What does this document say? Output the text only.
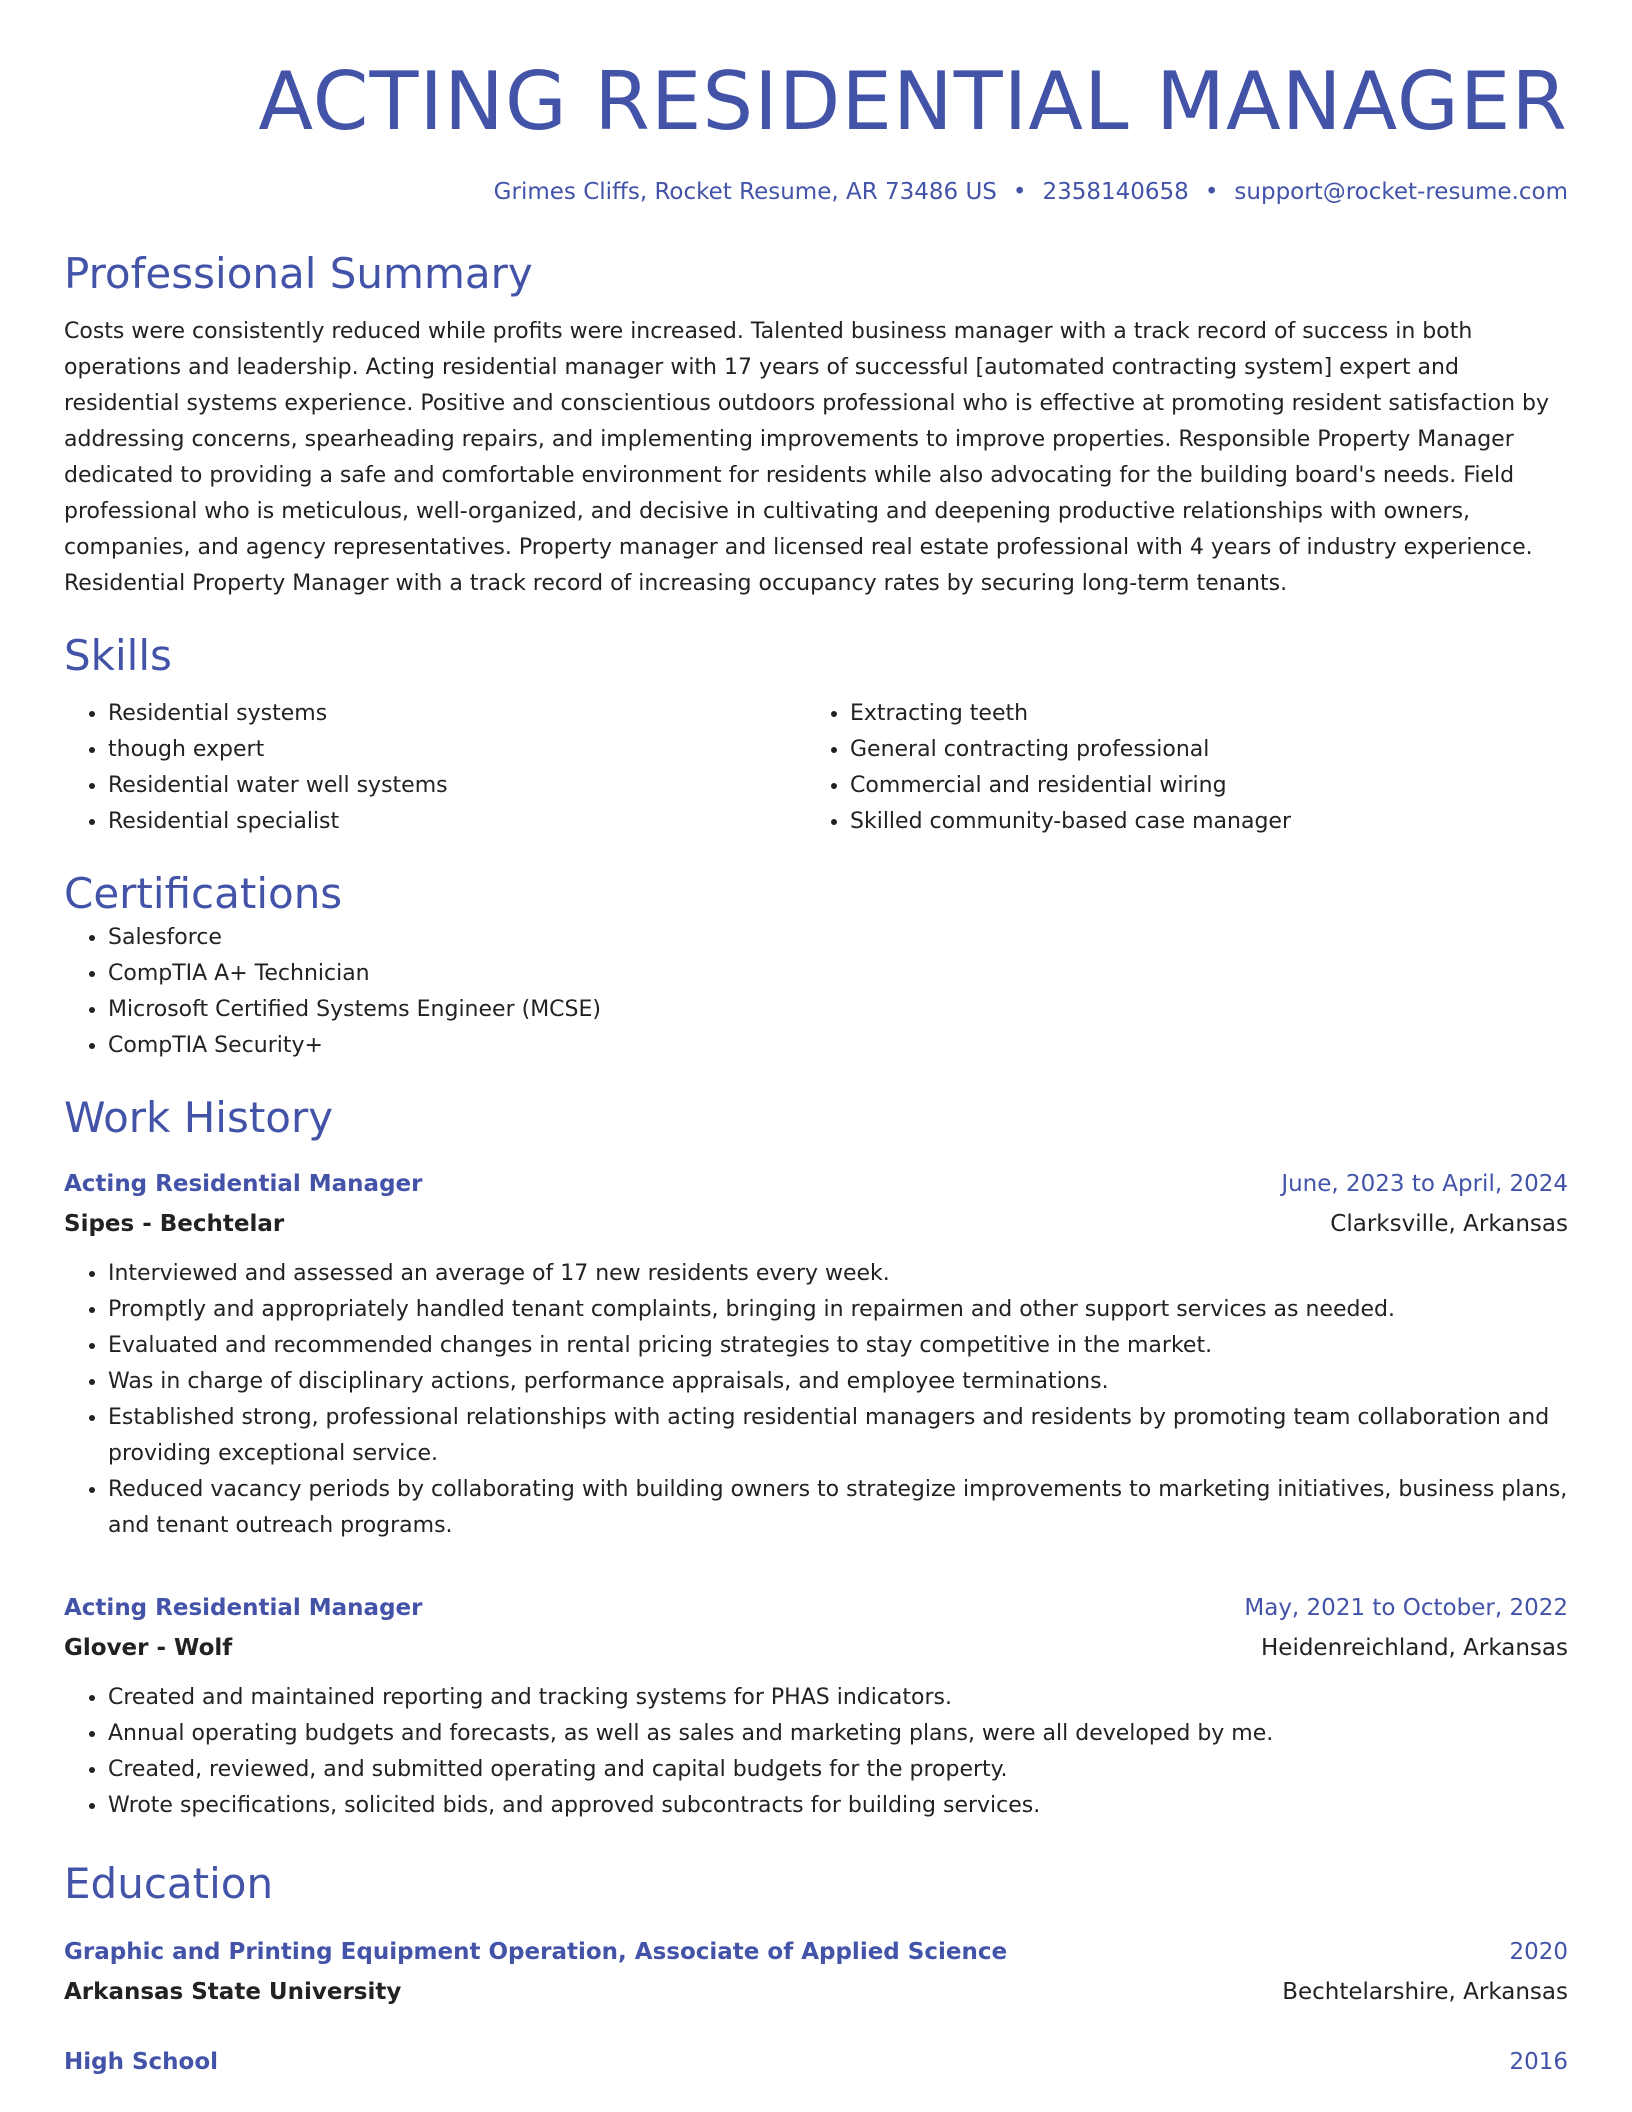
ACTING RESIDENTIAL MANAGER
Grimes Cliffs, Rocket Resume, AR 73486 US • 2358140658 • support@rocket-resume.com
Professional Summary

Costs were consistently reduced while profits were increased. Talented business manager with a track record of success in both operations and leadership. Acting residential manager with 17 years of successful [automated contracting system] expert and residential systems experience. Positive and conscientious outdoors professional who is effective at promoting resident satisfaction by addressing concerns, spearheading repairs, and implementing improvements to improve properties. Responsible Property Manager dedicated to providing a safe and comfortable environment for residents while also advocating for the building board's needs. Field professional who is meticulous, well-organized, and decisive in cultivating and deepening productive relationships with owners, companies, and agency representatives. Property manager and licensed real estate professional with 4 years of industry experience. Residential Property Manager with a track record of increasing occupancy rates by securing long-term tenants.

Skills
• Residential systems
• though expert
• Residential water well systems
• Residential specialist
• Extracting teeth
• General contracting professional
• Commercial and residential wiring
• Skilled community-based case manager
Certifications
• Salesforce
• CompTIA A+ Technician
• Microsoft Certified Systems Engineer (MCSE)
• CompTIA Security+
Work History
Acting Residential Manager	June, 2023 to April, 2024
Sipes - Bechtelar	Clarksville, Arkansas
• Interviewed and assessed an average of 17 new residents every week.
• Promptly and appropriately handled tenant complaints, bringing in repairmen and other support services as needed.
• Evaluated and recommended changes in rental pricing strategies to stay competitive in the market.
• Was in charge of disciplinary actions, performance appraisals, and employee terminations.
• Established strong, professional relationships with acting residential managers and residents by promoting team collaboration and providing exceptional service.
• Reduced vacancy periods by collaborating with building owners to strategize improvements to marketing initiatives, business plans, and tenant outreach programs.
Acting Residential Manager	May, 2021 to October, 2022
Glover - Wolf	Heidenreichland, Arkansas
• Created and maintained reporting and tracking systems for PHAS indicators.
• Annual operating budgets and forecasts, as well as sales and marketing plans, were all developed by me.
• Created, reviewed, and submitted operating and capital budgets for the property.
• Wrote specifications, solicited bids, and approved subcontracts for building services.
Education
Graphic and Printing Equipment Operation, Associate of Applied Science	2020
Arkansas State University	Bechtelarshire, Arkansas
High School	2016
